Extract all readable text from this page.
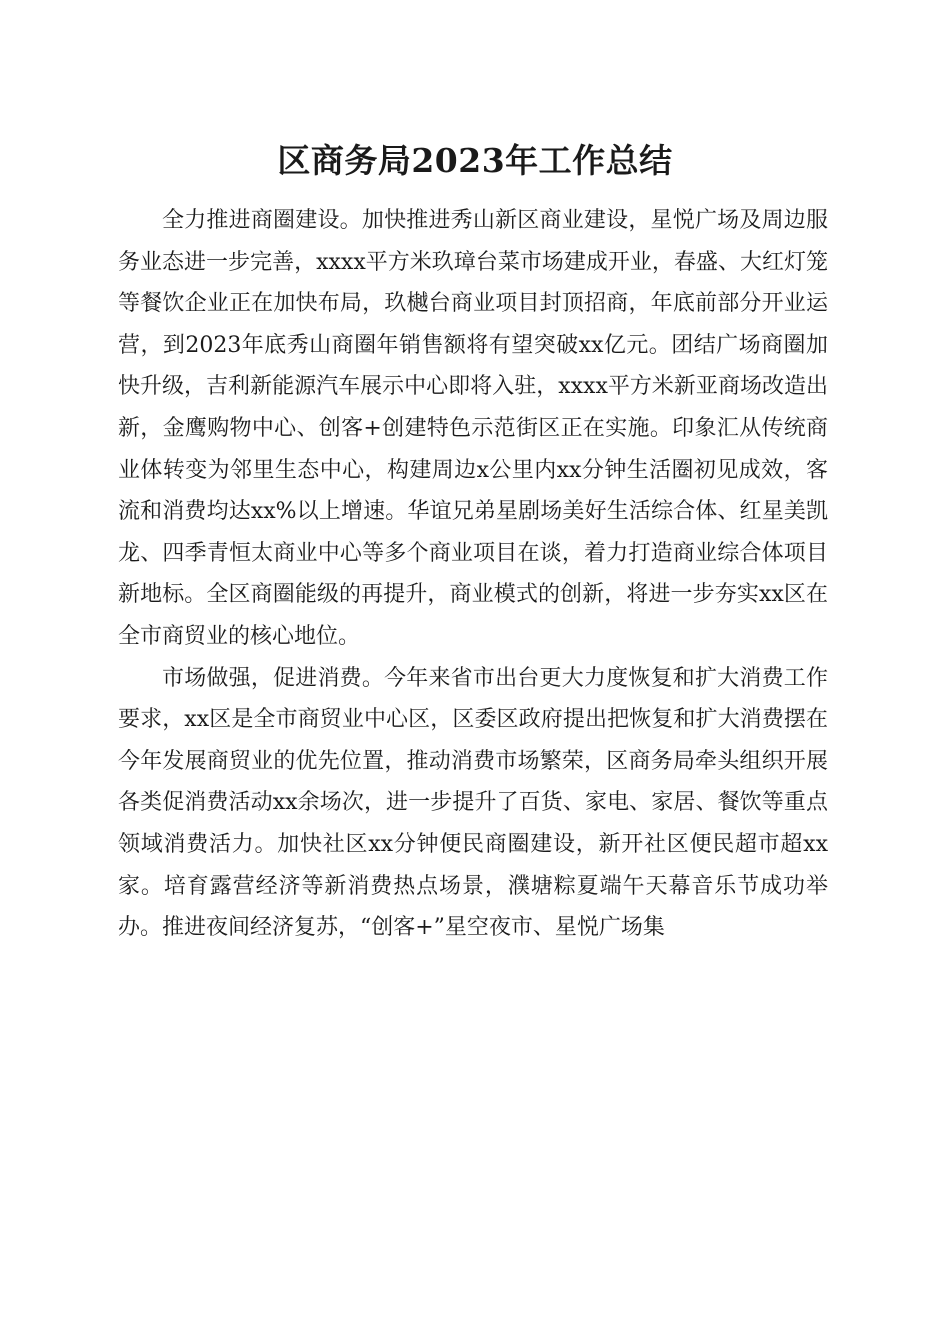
区商务局2023年工作总结

全力推进商圈建设。加快推进秀山新区商业建设，星悦广场及周边服务业态进一步完善，xxxx平方米玖璋台菜市场建成开业，春盛、大红灯笼等餐饮企业正在加快布局，玖樾台商业项目封顶招商，年底前部分开业运营，到2023年底秀山商圈年销售额将有望突破xx亿元。团结广场商圈加快升级，吉利新能源汽车展示中心即将入驻，xxxx平方米新亚商场改造出新，金鹰购物中心、创客+创建特色示范街区正在实施。印象汇从传统商业体转变为邻里生态中心，构建周边x公里内xx分钟生活圈初见成效，客流和消费均达xx%以上增速。华谊兄弟星剧场美好生活综合体、红星美凯龙、四季青恒太商业中心等多个商业项目在谈，着力打造商业综合体项目新地标。全区商圈能级的再提升，商业模式的创新，将进一步夯实xx区在全市商贸业的核心地位。

市场做强，促进消费。今年来省市出台更大力度恢复和扩大消费工作要求，xx区是全市商贸业中心区，区委区政府提出把恢复和扩大消费摆在今年发展商贸业的优先位置，推动消费市场繁荣，区商务局牵头组织开展各类促消费活动xx余场次，进一步提升了百货、家电、家居、餐饮等重点领域消费活力。加快社区xx分钟便民商圈建设，新开社区便民超市超xx家。培育露营经济等新消费热点场景，濮塘粽夏端午天幕音乐节成功举办。推进夜间经济复苏，“创客+”星空夜市、星悦广场集
